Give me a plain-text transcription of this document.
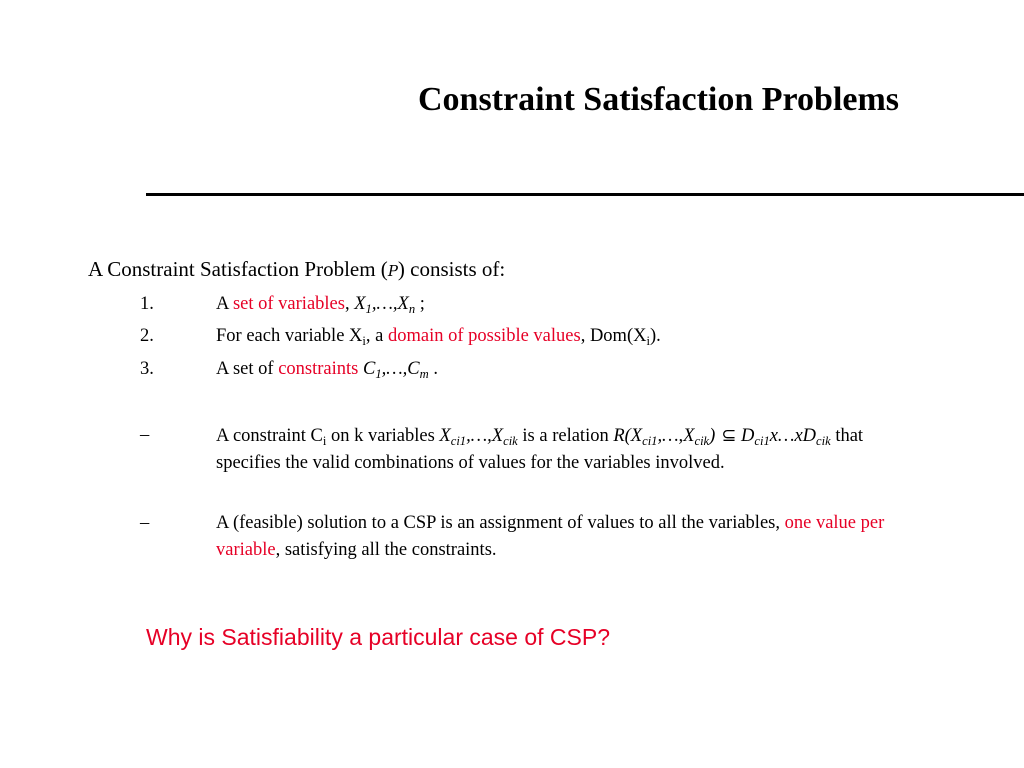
Constraint Satisfaction Problems
A Constraint Satisfaction Problem (P) consists of:
1.	A set of variables, $X_1,\dots,X_n$ ;
2.	For each variable $X_i$, a domain of possible values, $Dom(X_i)$.
3.	A set of constraints $C_1,\dots,C_m$ .
–	A constraint $C_i$ on k variables $X_{ci1},\dots,X_{cik}$ is a relation $R(X_{ci1},\dots,X_{cik})$ ⊆ $D_{ci1}x\dots xD_{cik}$ that specifies the valid combinations of values for the variables involved.
–	A (feasible) solution to a CSP is an assignment of values to all the variables, one value per variable, satisfying all the constraints.
Why is Satisfiability a particular case of CSP?
